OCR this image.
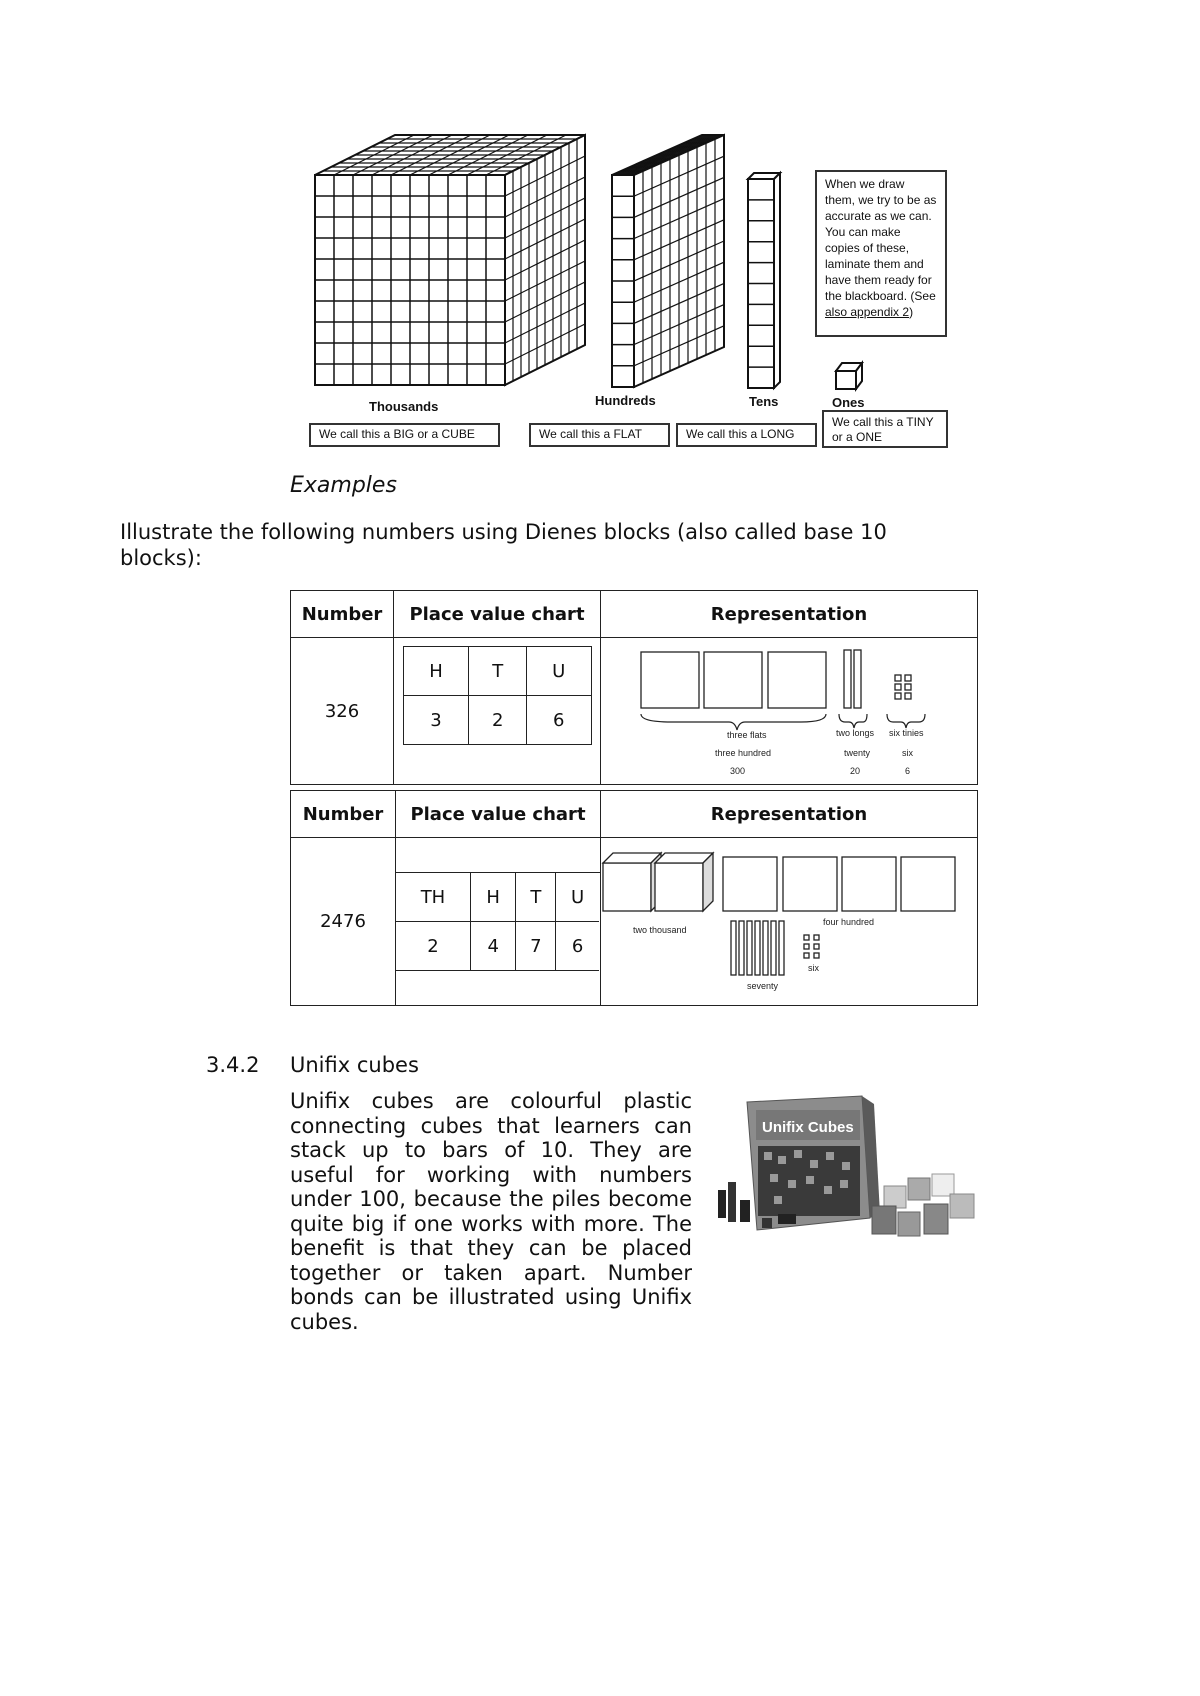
Thousands	Hundreds	Tens	Ones
We call this a BIG or a CUBE	We call this a FLAT	We call this a LONG
We call this a TINY or a ONE
When we draw them, we try to be as accurate as we can. You can make copies of these, laminate them and have them ready for the blackboard. (See also appendix 2)
Examples
Illustrate the following numbers using Dienes blocks (also called base 10 blocks):
Number	Place value chart	Representation
326	
H	T	U
3	2	6

three flats
three hundred
300
two longs
twenty
20
six tinies
six
6
Number	Place value chart	Representation
2476	
TH	H	T	U
2	4	7	6

two thousand
four hundred
seventy
six
3.4.2 Unifix cubes
Unifix cubes are colourful plastic connecting cubes that learners can stack up to bars of 10. They are useful for working with numbers under 100, because the piles become quite big if one works with more. The benefit is that they can be placed together or taken apart. Number bonds can be illustrated using Unifix cubes.
Unifix Cubes
